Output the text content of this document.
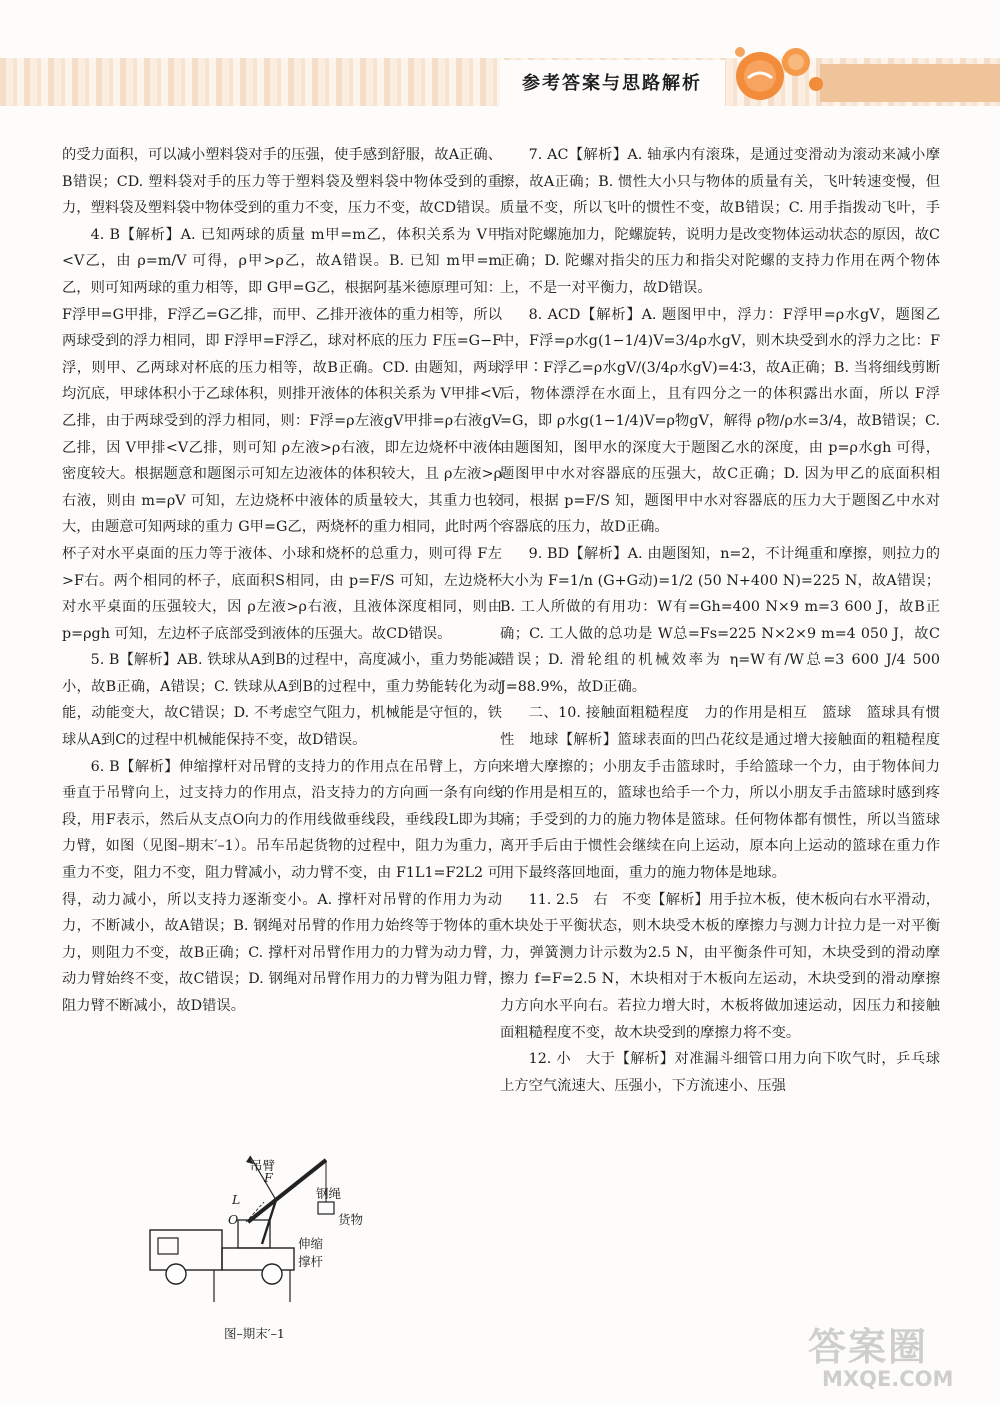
参考答案与思路解析

的受力面积，可以减小塑料袋对手的压强，使手感到舒服，故A正确、B错误；CD. 塑料袋对手的压力等于塑料袋及塑料袋中物体受到的重力，塑料袋及塑料袋中物体受到的重力不变，压力不变，故CD错误。

4. B【解析】A. 已知两球的质量 m甲=m乙，体积关系为 V甲<V乙，由 ρ=m/V 可得，ρ甲>ρ乙，故A错误。B. 已知 m甲=m乙，则可知两球的重力相等，即 G甲=G乙，根据阿基米德原理可知：F浮甲=G甲排，F浮乙=G乙排，而甲、乙排开液体的重力相等，所以两球受到的浮力相同，即 F浮甲=F浮乙，球对杯底的压力 F压=G−F浮，则甲、乙两球对杯底的压力相等，故B正确。CD. 由题知，两球均沉底，甲球体积小于乙球体积，则排开液体的体积关系为 V甲排<V乙排，由于两球受到的浮力相同，则：F浮=ρ左液gV甲排=ρ右液gV乙排，因 V甲排<V乙排，则可知 ρ左液>ρ右液，即左边烧杯中液体密度较大。根据题意和题图示可知左边液体的体积较大，且 ρ左液>ρ右液，则由 m=ρV 可知，左边烧杯中液体的质量较大，其重力也较大，由题意可知两球的重力 G甲=G乙，两烧杯的重力相同，此时两个杯子对水平桌面的压力等于液体、小球和烧杯的总重力，则可得 F左>F右。两个相同的杯子，底面积S相同，由 p=F/S 可知，左边烧杯对水平桌面的压强较大，因 ρ左液>ρ右液，且液体深度相同，则由 p=ρgh 可知，左边杯子底部受到液体的压强大。故CD错误。

5. B【解析】AB. 铁球从A到B的过程中，高度减小，重力势能减小，故B正确，A错误；C. 铁球从A到B的过程中，重力势能转化为动能，动能变大，故C错误；D. 不考虑空气阻力，机械能是守恒的，铁球从A到C的过程中机械能保持不变，故D错误。

6. B【解析】伸缩撑杆对吊臂的支持力的作用点在吊臂上，方向垂直于吊臂向上，过支持力的作用点，沿支持力的方向画一条有向线段，用F表示，然后从支点O向力的作用线做垂线段，垂线段L即为其力臂，如图（见图–期末′–1）。吊车吊起货物的过程中，阻力为重力，重力不变，阻力不变，阻力臂减小，动力臂不变，由 F1L1=F2L2 可得，动力减小，所以支持力逐渐变小。A. 撑杆对吊臂的作用力为动力，不断减小，故A错误；B. 钢绳对吊臂的作用力始终等于物体的重力，则阻力不变，故B正确；C. 撑杆对吊臂作用力的力臂为动力臂，动力臂始终不变，故C错误；D. 钢绳对吊臂作用力的力臂为阻力臂，阻力臂不断减小，故D错误。

7. AC【解析】A. 轴承内有滚珠，是通过变滑动为滚动来减小摩擦，故A正确；B. 惯性大小只与物体的质量有关，飞叶转速变慢，但质量不变，所以飞叶的惯性不变，故B错误；C. 用手指拨动飞叶，手指对陀螺施加力，陀螺旋转，说明力是改变物体运动状态的原因，故C正确；D. 陀螺对指尖的压力和指尖对陀螺的支持力作用在两个物体上，不是一对平衡力，故D错误。

8. ACD【解析】A. 题图甲中，浮力：F浮甲=ρ水gV，题图乙中，F浮=ρ水g(1−1/4)V=3/4ρ水gV，则木块受到水的浮力之比：F浮甲∶F浮乙=ρ水gV/(3/4ρ水gV)=4∶3，故A正确；B. 当将细线剪断后，物体漂浮在水面上，且有四分之一的体积露出水面，所以 F浮=G，即 ρ水g(1−1/4)V=ρ物gV，解得 ρ物/ρ水=3/4，故B错误；C. 由题图知，图甲水的深度大于题图乙水的深度，由 p=ρ水gh 可得，题图甲中水对容器底的压强大，故C正确；D. 因为甲乙的底面积相同，根据 p=F/S 知，题图甲中水对容器底的压力大于题图乙中水对容器底的压力，故D正确。

9. BD【解析】A. 由题图知，n=2，不计绳重和摩擦，则拉力的大小为 F=1/n (G+G动)=1/2 (50 N+400 N)=225 N，故A错误；B. 工人所做的有用功：W有=Gh=400 N×9 m=3 600 J，故B正确；C. 工人做的总功是 W总=Fs=225 N×2×9 m=4 050 J，故C错误；D. 滑轮组的机械效率为 η=W有/W总=3 600 J/4 500 J=88.9%，故D正确。

二、10. 接触面粗糙程度　力的作用是相互　篮球　篮球具有惯性　地球【解析】篮球表面的凹凸花纹是通过增大接触面的粗糙程度来增大摩擦的；小朋友手击篮球时，手给篮球一个力，由于物体间力的作用是相互的，篮球也给手一个力，所以小朋友手击篮球时感到疼痛；手受到的力的施力物体是篮球。任何物体都有惯性，所以当篮球离开手后由于惯性会继续在向上运动，原本向上运动的篮球在重力作用下最终落回地面，重力的施力物体是地球。

11. 2.5　右　不变【解析】用手拉木板，使木板向右水平滑动，木块处于平衡状态，则木块受木板的摩擦力与测力计拉力是一对平衡力，弹簧测力计示数为2.5 N，由平衡条件可知，木块受到的滑动摩擦力 f=F=2.5 N，木块相对于木板向左运动，木块受到的滑动摩擦力方向水平向右。若拉力增大时，木板将做加速运动，因压力和接触面粗糙程度不变，故木块受到的摩擦力将不变。

12. 小　大于【解析】对准漏斗细管口用力向下吹气时，乒乓球上方空气流速大、压强小，下方流速小、压强

吊臂
钢绳
货物
伸缩
撑杆
L
O
F
图–期末′–1	答案圈
MXQE.COM
